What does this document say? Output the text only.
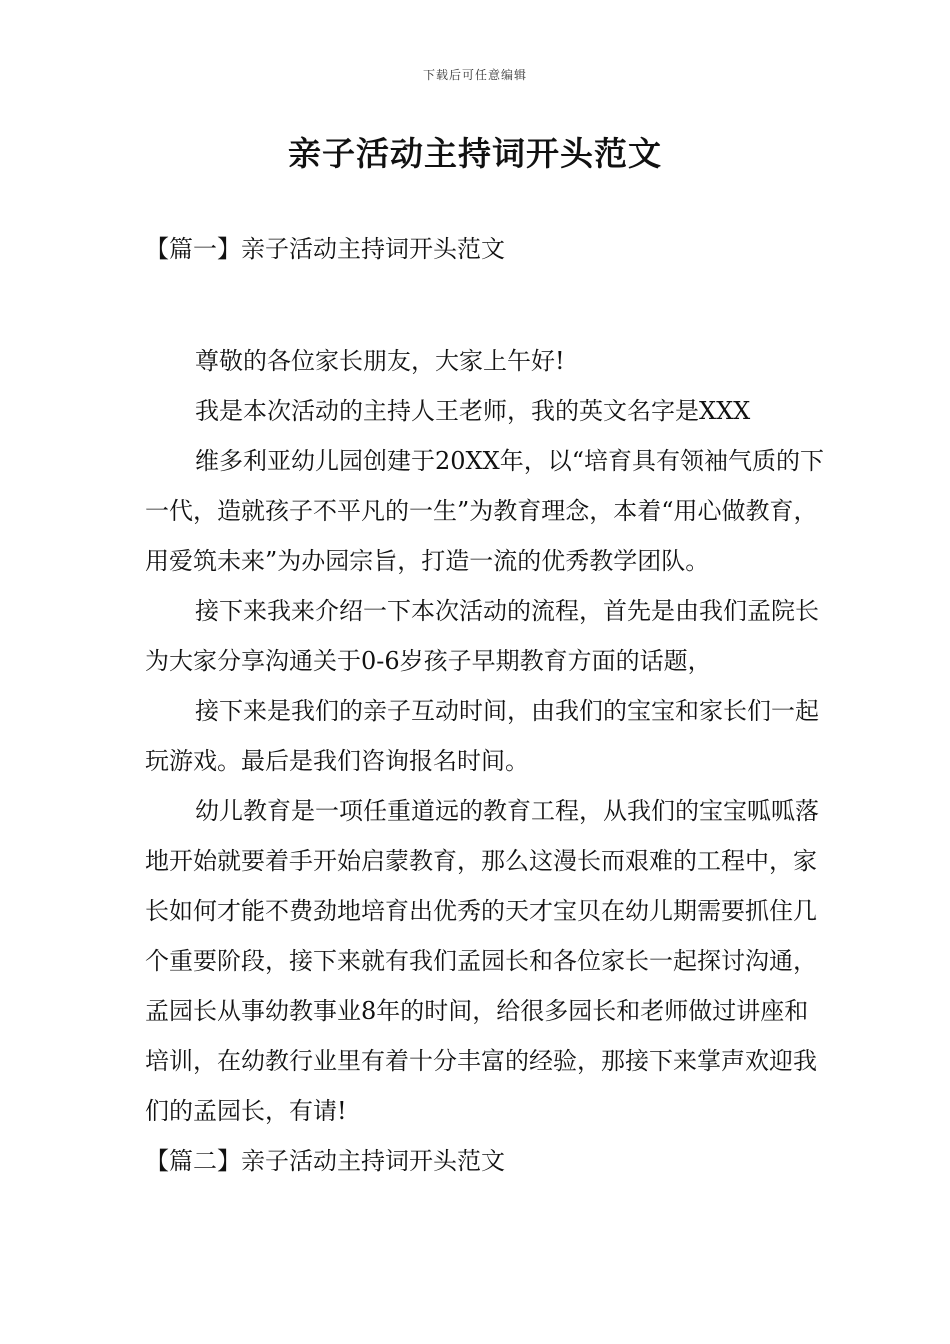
下载后可任意编辑
亲子活动主持词开头范文
【篇一】亲子活动主持词开头范文

尊敬的各位家长朋友，大家上午好!

我是本次活动的主持人王老师，我的英文名字是XXX

维多利亚幼儿园创建于20XX年，以“培育具有领袖气质的下一代，造就孩子不平凡的一生”为教育理念，本着“用心做教育，用爱筑未来”为办园宗旨，打造一流的优秀教学团队。

接下来我来介绍一下本次活动的流程，首先是由我们孟院长为大家分享沟通关于0-6岁孩子早期教育方面的话题，

接下来是我们的亲子互动时间，由我们的宝宝和家长们一起玩游戏。最后是我们咨询报名时间。

幼儿教育是一项任重道远的教育工程，从我们的宝宝呱呱落地开始就要着手开始启蒙教育，那么这漫长而艰难的工程中，家长如何才能不费劲地培育出优秀的天才宝贝在幼儿期需要抓住几个重要阶段，接下来就有我们孟园长和各位家长一起探讨沟通，孟园长从事幼教事业8年的时间，给很多园长和老师做过讲座和培训，在幼教行业里有着十分丰富的经验，那接下来掌声欢迎我们的孟园长，有请!

【篇二】亲子活动主持词开头范文
